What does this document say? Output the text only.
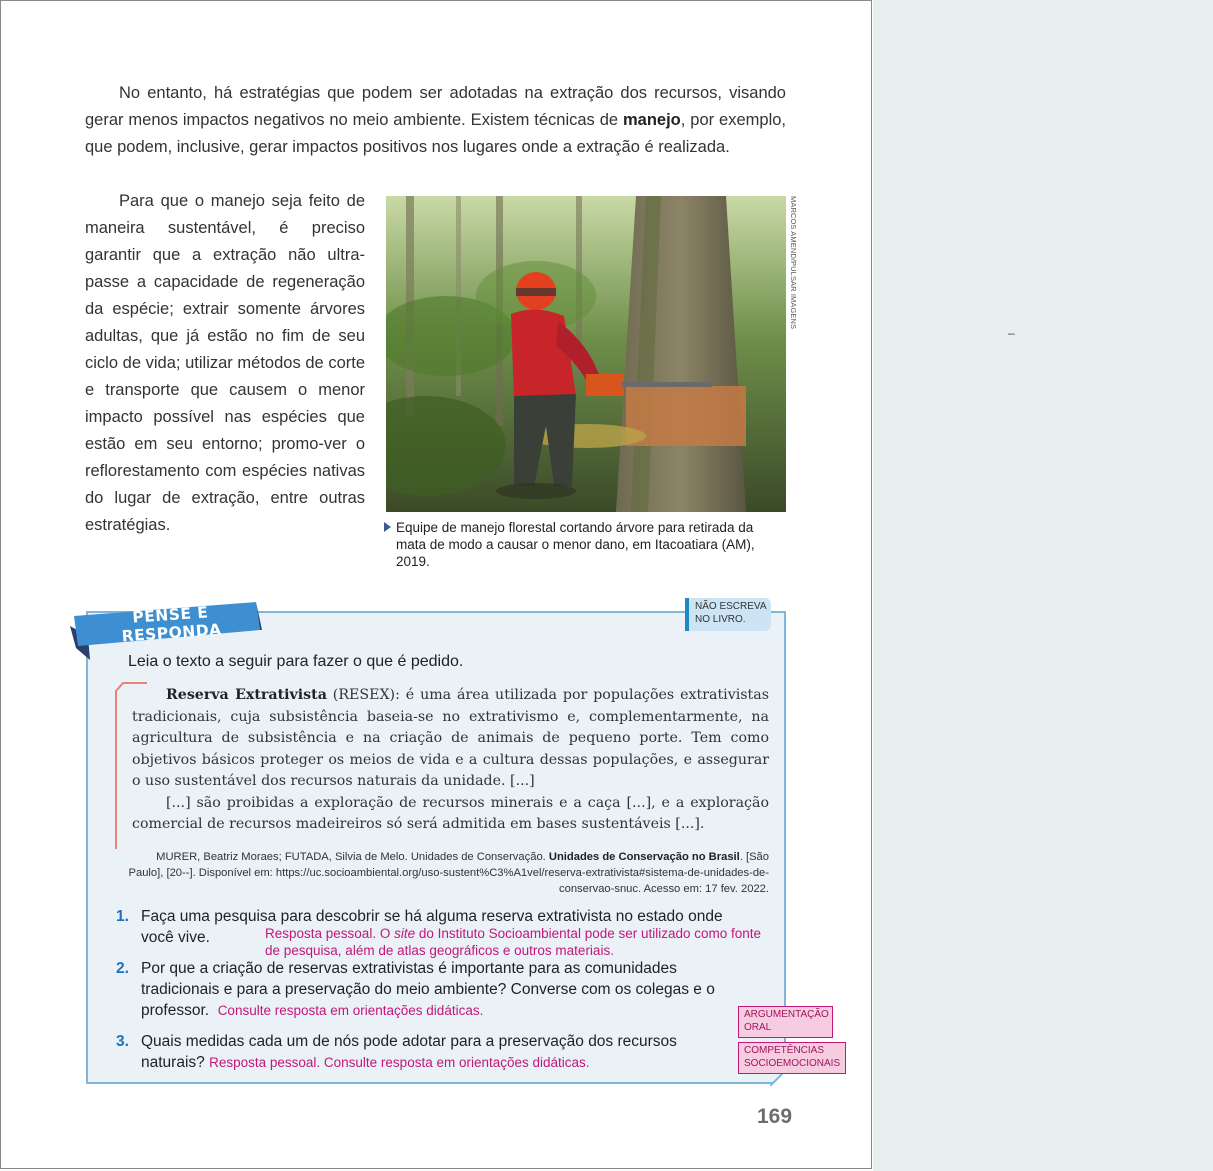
–
No entanto, há estratégias que podem ser adotadas na extração dos recursos, visando gerar menos impactos negativos no meio ambiente. Existem técnicas de manejo, por exemplo, que podem, inclusive, gerar impactos positivos nos lugares onde a extração é realizada.
Para que o manejo seja feito de maneira sustentável, é preciso garantir que a extração não ultra-passe a capacidade de regeneração da espécie; extrair somente árvores adultas, que já estão no fim de seu ciclo de vida; utilizar métodos de corte e transporte que causem o menor impacto possível nas espécies que estão em seu entorno; promo-ver o reflorestamento com espécies nativas do lugar de extração, entre outras estratégias.
MARCOS AMEND/PULSAR IMAGENS
Equipe de manejo florestal cortando árvore para retirada da mata de modo a causar o menor dano, em Itacoatiara (AM), 2019.
PENSE E RESPONDA
NÃO ESCREVA NO LIVRO.
Leia o texto a seguir para fazer o que é pedido.

Reserva Extrativista (RESEX): é uma área utilizada por populações extrativistas tradicionais, cuja subsistência baseia-se no extrativismo e, complementarmente, na agricultura de subsistência e na criação de animais de pequeno porte. Tem como objetivos básicos proteger os meios de vida e a cultura dessas populações, e assegurar o uso sustentável dos recursos naturais da unidade. [...]

[...] são proibidas a exploração de recursos minerais e a caça [...], e a exploração comercial de recursos madeireiros só será admitida em bases sustentáveis [...].

MURER, Beatriz Moraes; FUTADA, Silvia de Melo. Unidades de Conservação. Unidades de Conservação no Brasil. [São Paulo], [20--]. Disponível em: https://uc.socioambiental.org/uso-sustent%C3%A1vel/reserva-extrativista#sistema-de-unidades-de-conservao-snuc. Acesso em: 17 fev. 2022.
1. Faça uma pesquisa para descobrir se há alguma reserva extrativista no estado onde você vive.	Resposta pessoal. O site do Instituto Socioambiental pode ser utilizado como fonte de pesquisa, além de atlas geográficos e outros materiais.
2. Por que a criação de reservas extrativistas é importante para as comunidades tradicionais e para a preservação do meio ambiente? Converse com os colegas e o professor. Consulte resposta em orientações didáticas.
3. Quais medidas cada um de nós pode adotar para a preservação dos recursos naturais? Resposta pessoal. Consulte resposta em orientações didáticas.
ARGUMENTAÇÃO ORAL
COMPETÊNCIAS SOCIOEMOCIONAIS
169
